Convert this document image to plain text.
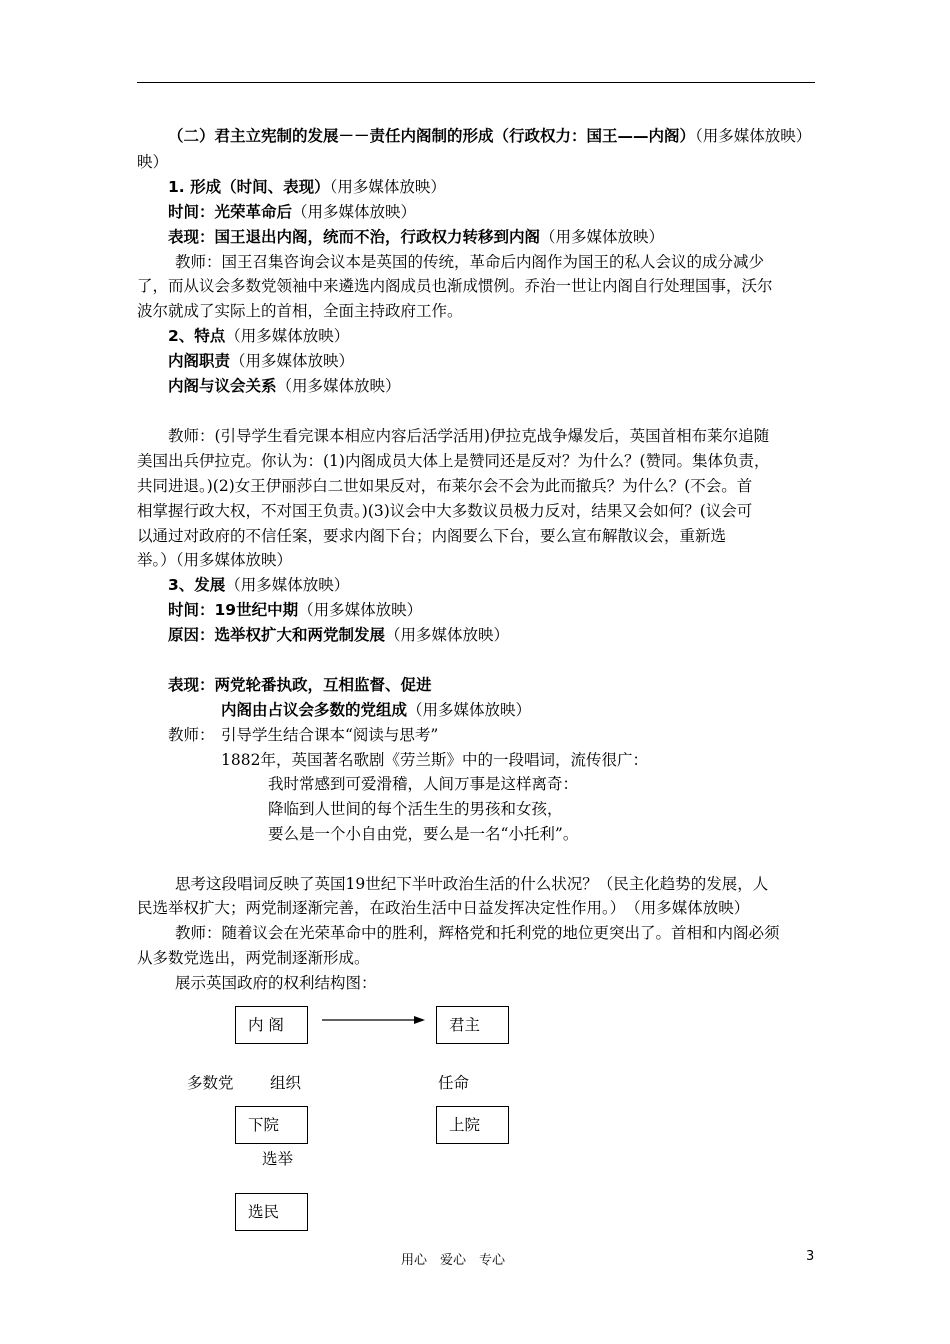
（二）君主立宪制的发展－－责任内阁制的形成（行政权力：国王——内阁）（用多媒体放映）
映）
1. 形成（时间、表现）（用多媒体放映）
时间：光荣革命后（用多媒体放映）
表现：国王退出内阁，统而不治，行政权力转移到内阁（用多媒体放映）
教师：国王召集咨询会议本是英国的传统，革命后内阁作为国王的私人会议的成分减少
了，而从议会多数党领袖中来遴选内阁成员也渐成惯例。乔治一世让内阁自行处理国事，沃尔
波尔就成了实际上的首相，全面主持政府工作。
2、特点（用多媒体放映）
内阁职责（用多媒体放映）
内阁与议会关系（用多媒体放映）
教师：(引导学生看完课本相应内容后活学活用)伊拉克战争爆发后，英国首相布莱尔追随
美国出兵伊拉克。你认为：(1)内阁成员大体上是赞同还是反对？为什么？(赞同。集体负责，
共同进退。)(2)女王伊丽莎白二世如果反对，布莱尔会不会为此而撤兵？为什么？(不会。首
相掌握行政大权，不对国王负责。)(3)议会中大多数议员极力反对，结果又会如何？(议会可
以通过对政府的不信任案，要求内阁下台；内阁要么下台，要么宣布解散议会，重新选
举。）（用多媒体放映）
3、发展（用多媒体放映）
时间：19世纪中期（用多媒体放映）
原因：选举权扩大和两党制发展（用多媒体放映）
表现：两党轮番执政，互相监督、促进
内阁由占议会多数的党组成（用多媒体放映）
教师： 引导学生结合课本“阅读与思考”
1882年，英国著名歌剧《劳兰斯》中的一段唱词，流传很广：
我时常感到可爱滑稽，人间万事是这样离奇：
降临到人世间的每个活生生的男孩和女孩，
要么是一个小自由党，要么是一名“小托利”。
思考这段唱词反映了英国19世纪下半叶政治生活的什么状况？（民主化趋势的发展，人
民选举权扩大；两党制逐渐完善，在政治生活中日益发挥决定性作用。）　（用多媒体放映）
教师：随着议会在光荣革命中的胜利，辉格党和托利党的地位更突出了。首相和内阁必须
从多数党选出，两党制逐渐形成。
展示英国政府的权利结构图：
内 阁	君主
多数党 组织	任命
下院	上院
选举
选民
用心　爱心　专心	3
